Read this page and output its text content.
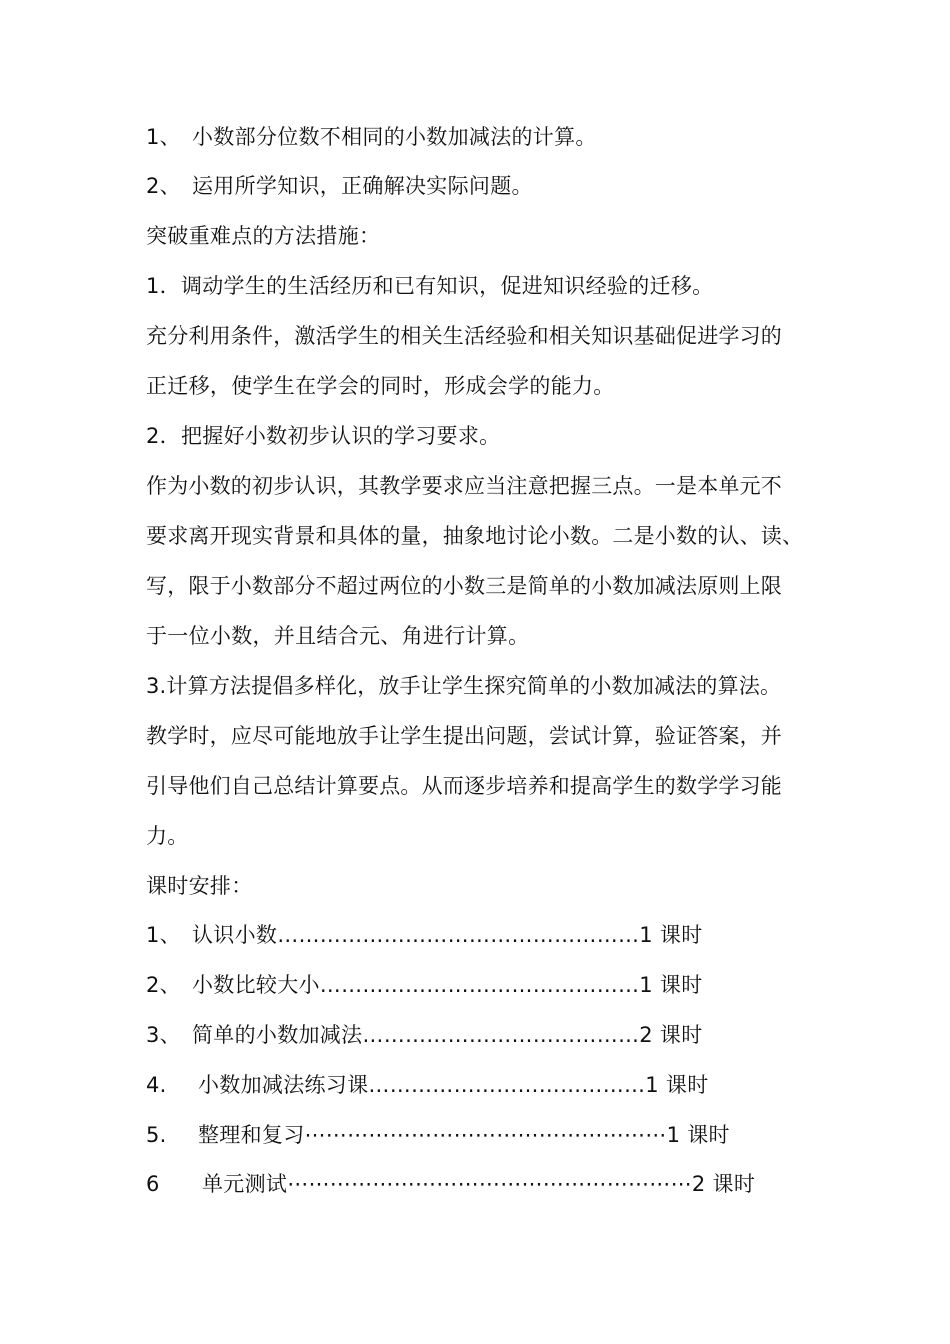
1、 小数部分位数不相同的小数加减法的计算。
2、 运用所学知识，正确解决实际问题。
突破重难点的方法措施：
1．调动学生的生活经历和已有知识，促进知识经验的迁移。
充分利用条件，激活学生的相关生活经验和相关知识基础促进学习的
正迁移，使学生在学会的同时，形成会学的能力。
2．把握好小数初步认识的学习要求。
作为小数的初步认识，其教学要求应当注意把握三点。一是本单元不
要求离开现实背景和具体的量，抽象地讨论小数。二是小数的认、读、
写，限于小数部分不超过两位的小数三是简单的小数加减法原则上限
于一位小数，并且结合元、角进行计算。
3.计算方法提倡多样化，放手让学生探究简单的小数加减法的算法。
教学时，应尽可能地放手让学生提出问题，尝试计算，验证答案，并
引导他们自己总结计算要点。从而逐步培养和提高学生的数学学习能
力。
课时安排：
1、 认识小数……………………………………………1 课时
2、 小数比较大小………………………………………1 课时
3、 简单的小数加减法…………………………………2 课时
4. 小数加减法练习课…………………………………1 课时
5. 整理和复习⋯⋯⋯⋯⋯⋯⋯⋯⋯⋯⋯⋯⋯⋯⋯⋯⋯1 课时
6 单元测试⋯⋯⋯⋯⋯⋯⋯⋯⋯⋯⋯⋯⋯⋯⋯⋯⋯⋯⋯2 课时
